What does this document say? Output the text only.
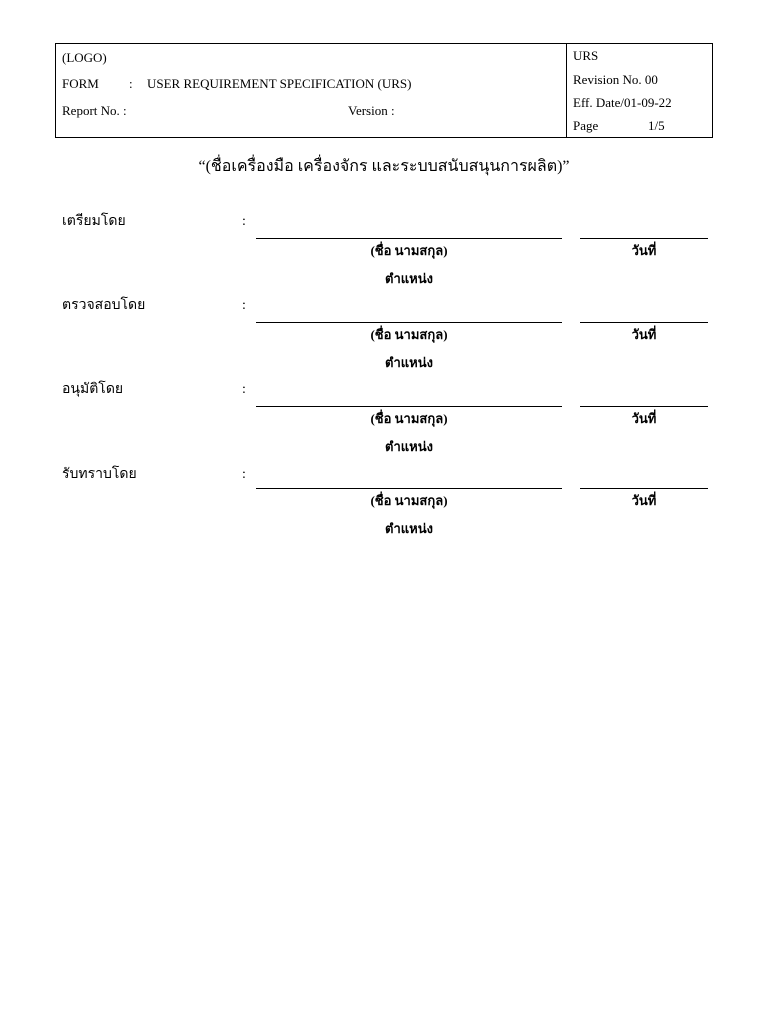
(LOGO)
FORM : USER REQUIREMENT SPECIFICATION (URS)
Report No. :	Version :
URS
Revision No. 00
Eff. Date/01-09-22
Page	1/5
“(ชื่อเครื่องมือ เครื่องจักร และระบบสนับสนุนการผลิต)”
เตรียมโดย	:
(ชื่อ นามสกุล)	วันที่
ตำแหน่ง
ตรวจสอบโดย	:
(ชื่อ นามสกุล)	วันที่
ตำแหน่ง
อนุมัติโดย	:
(ชื่อ นามสกุล)	วันที่
ตำแหน่ง
รับทราบโดย	:
(ชื่อ นามสกุล)	วันที่
ตำแหน่ง
